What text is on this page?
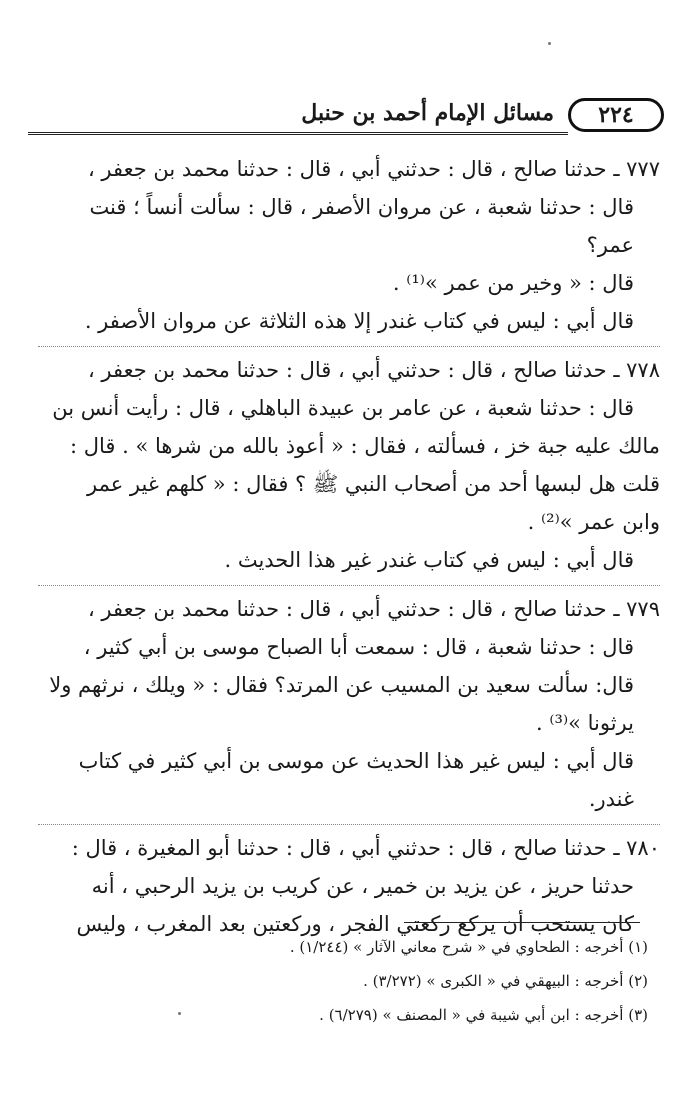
٢٢٤
مسائل الإمام أحمد بن حنبل
٧٧٧ ـ حدثنا صالح ، قال : حدثني أبي ، قال : حدثنا محمد بن جعفر ،
قال : حدثنا شعبة ، عن مروان الأصفر ، قال : سألت أنساً ؛ قنت عمر؟
قال : « وخير من عمر »⁽¹⁾ .
قال أبي : ليس في كتاب غندر إلا هذه الثلاثة عن مروان الأصفر .
٧٧٨ ـ حدثنا صالح ، قال : حدثني أبي ، قال : حدثنا محمد بن جعفر ،
قال : حدثنا شعبة ، عن عامر بن عبيدة الباهلي ، قال : رأيت أنس بن
مالك عليه جبة خز ، فسألته ، فقال : « أعوذ بالله من شرها » . قال :
قلت هل لبسها أحد من أصحاب النبي ﷺ ؟ فقال : « كلهم غير عمر
وابن عمر »⁽²⁾ .
قال أبي : ليس في كتاب غندر غير هذا الحديث .
٧٧٩ ـ حدثنا صالح ، قال : حدثني أبي ، قال : حدثنا محمد بن جعفر ،
قال : حدثنا شعبة ، قال : سمعت أبا الصباح موسى بن أبي كثير ،
قال: سألت سعيد بن المسيب عن المرتد؟ فقال : « ويلك ، نرثهم ولا
يرثونا »⁽³⁾ .
قال أبي : ليس غير هذا الحديث عن موسى بن أبي كثير في كتاب
غندر.
٧٨٠ ـ حدثنا صالح ، قال : حدثني أبي ، قال : حدثنا أبو المغيرة ، قال :
حدثنا حريز ، عن يزيد بن خمير ، عن كريب بن يزيد الرحبي ، أنه
كان يستحب أن يركع ركعتي الفجر ، وركعتين بعد المغرب ، وليس
(١) أخرجه : الطحاوي في « شرح معاني الآثار » (١/٢٤٤) .
(٢) أخرجه : البيهقي في « الكبرى » (٣/٢٧٢) .
(٣) أخرجه : ابن أبي شيبة في « المصنف » (٦/٢٧٩) .
